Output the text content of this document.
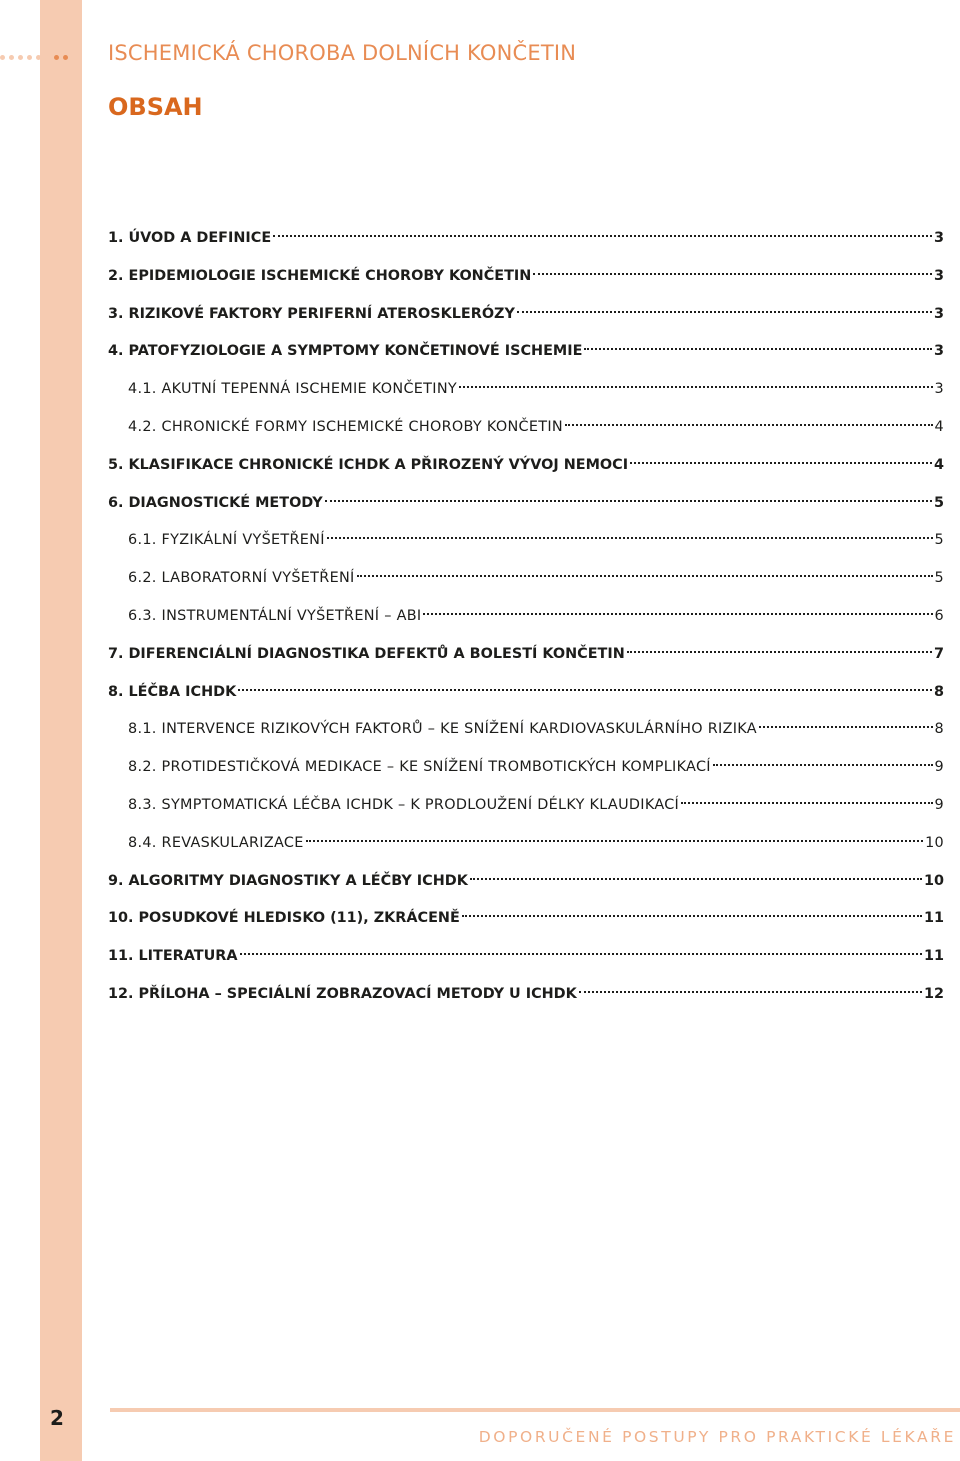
ISCHEMICKÁ CHOROBA DOLNÍCH KONČETIN
OBSAH
1. ÚVOD A DEFINICE	3
2. EPIDEMIOLOGIE ISCHEMICKÉ CHOROBY KONČETIN	3
3. RIZIKOVÉ FAKTORY PERIFERNÍ ATEROSKLERÓZY	3
4. PATOFYZIOLOGIE A SYMPTOMY KONČETINOVÉ ISCHEMIE	3
4.1. AKUTNÍ TEPENNÁ ISCHEMIE KONČETINY	3
4.2. CHRONICKÉ FORMY ISCHEMICKÉ CHOROBY KONČETIN	4
5. KLASIFIKACE CHRONICKÉ ICHDK A PŘIROZENÝ VÝVOJ NEMOCI	4
6. DIAGNOSTICKÉ METODY	5
6.1. FYZIKÁLNÍ VYŠETŘENÍ	5
6.2. LABORATORNÍ VYŠETŘENÍ	5
6.3. INSTRUMENTÁLNÍ VYŠETŘENÍ – ABI	6
7. DIFERENCIÁLNÍ DIAGNOSTIKA DEFEKTŮ A BOLESTÍ KONČETIN	7
8. LÉČBA ICHDK	8
8.1. INTERVENCE RIZIKOVÝCH FAKTORŮ – KE SNÍŽENÍ KARDIOVASKULÁRNÍHO RIZIKA	8
8.2. PROTIDESTIČKOVÁ MEDIKACE – KE SNÍŽENÍ TROMBOTICKÝCH KOMPLIKACÍ	9
8.3. SYMPTOMATICKÁ LÉČBA ICHDK – K PRODLOUŽENÍ DÉLKY KLAUDIKACÍ	9
8.4. REVASKULARIZACE	10
9. ALGORITMY DIAGNOSTIKY A LÉČBY ICHDK	10
10. POSUDKOVÉ HLEDISKO (11), ZKRÁCENĚ	11
11. LITERATURA	11
12. PŘÍLOHA – SPECIÁLNÍ ZOBRAZOVACÍ METODY U ICHDK	12
2
DOPORUČENÉ POSTUPY PRO PRAKTICKÉ LÉKAŘE
